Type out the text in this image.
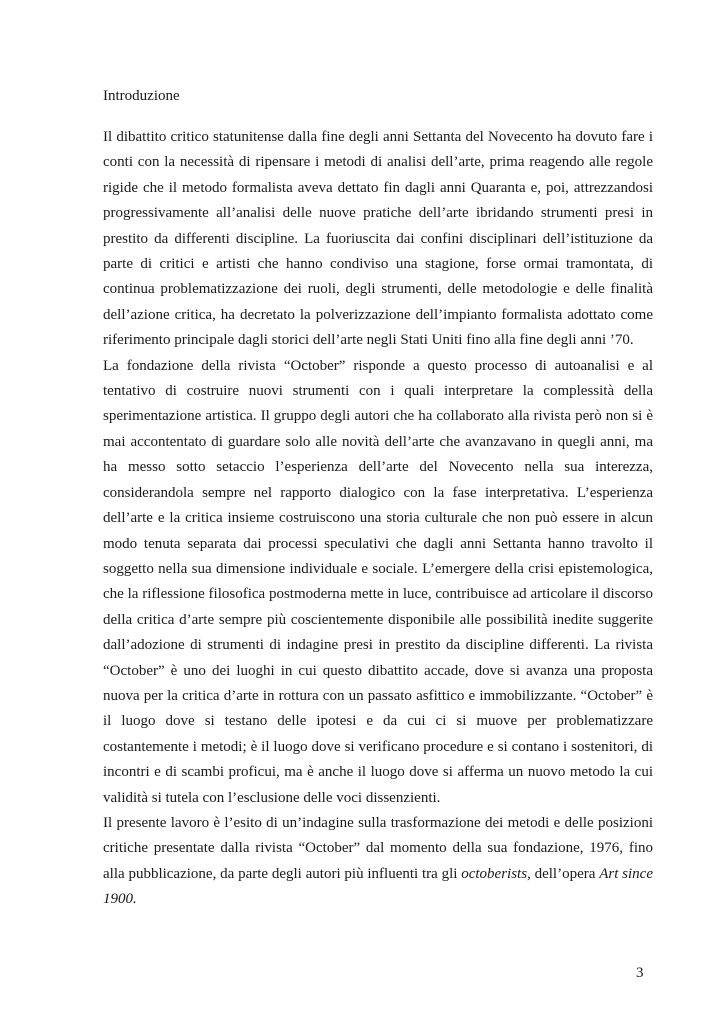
Introduzione

Il dibattito critico statunitense dalla fine degli anni Settanta del Novecento ha dovuto fare i conti con la necessità di ripensare i metodi di analisi dell’arte, prima reagendo alle regole rigide che il metodo formalista aveva dettato fin dagli anni Quaranta e, poi, attrezzandosi progressivamente all’analisi delle nuove pratiche dell’arte ibridando strumenti presi in prestito da differenti discipline. La fuoriuscita dai confini disciplinari dell’istituzione da parte di critici e artisti che hanno condiviso una stagione, forse ormai tramontata, di continua problematizzazione dei ruoli, degli strumenti, delle metodologie e delle finalità dell’azione critica, ha decretato la polverizzazione dell’impianto formalista adottato come riferimento principale dagli storici dell’arte negli Stati Uniti fino alla fine degli anni ’70.

La fondazione della rivista “October” risponde a questo processo di autoanalisi e al tentativo di costruire nuovi strumenti con i quali interpretare la complessità della sperimentazione artistica. Il gruppo degli autori che ha collaborato alla rivista però non si è mai accontentato di guardare solo alle novità dell’arte che avanzavano in quegli anni, ma ha messo sotto setaccio l’esperienza dell’arte del Novecento nella sua interezza, considerandola sempre nel rapporto dialogico con la fase interpretativa. L’esperienza dell’arte e la critica insieme costruiscono una storia culturale che non può essere in alcun modo tenuta separata dai processi speculativi che dagli anni Settanta hanno travolto il soggetto nella sua dimensione individuale e sociale. L’emergere della crisi epistemologica, che la riflessione filosofica postmoderna mette in luce, contribuisce ad articolare il discorso della critica d’arte sempre più coscientemente disponibile alle possibilità inedite suggerite dall’adozione di strumenti di indagine presi in prestito da discipline differenti. La rivista “October” è uno dei luoghi in cui questo dibattito accade, dove si avanza una proposta nuova per la critica d’arte in rottura con un passato asfittico e immobilizzante. “October” è il luogo dove si testano delle ipotesi e da cui ci si muove per problematizzare costantemente i metodi; è il luogo dove si verificano procedure e si contano i sostenitori, di incontri e di scambi proficui, ma è anche il luogo dove si afferma un nuovo metodo la cui validità si tutela con l’esclusione delle voci dissenzienti.

Il presente lavoro è l’esito di un’indagine sulla trasformazione dei metodi e delle posizioni critiche presentate dalla rivista “October” dal momento della sua fondazione, 1976, fino alla pubblicazione, da parte degli autori più influenti tra gli octoberists, dell’opera Art since 1900.

3
